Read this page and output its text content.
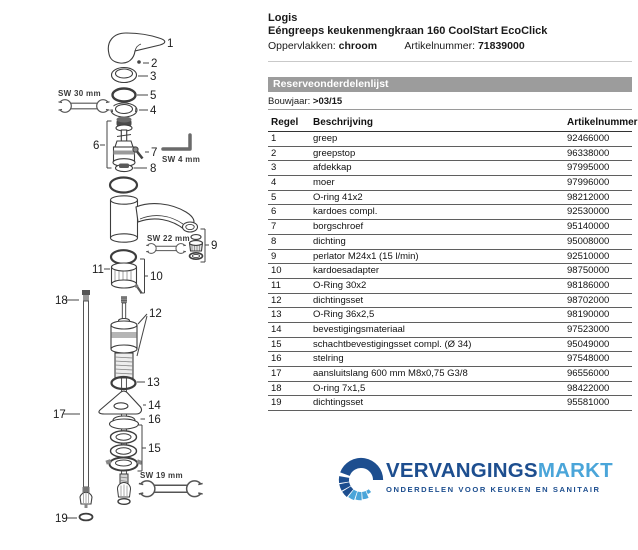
1
2
3
5
4
6
7
8
9
10
11
12
13
14
16
15
17
18
19
SW 30 mm
SW 4 mm
SW 22 mm
SW 19 mm
Logis
Eéngreeps keukenmengkraan 160 CoolStart EcoClick
Oppervlakken: chroom	Artikelnummer: 71839000
Reserveonderdelenlijst
Bouwjaar: >03/15
Regel	Beschrijving	Artikelnummer
1	greep	92466000
2	greepstop	96338000
3	afdekkap	97995000
4	moer	97996000
5	O-ring 41x2	98212000
6	kardoes compl.	92530000
7	borgschroef	95140000
8	dichting	95008000
9	perlator M24x1 (15 l/min)	92510000
10	kardoesadapter	98750000
11	O-Ring 30x2	98186000
12	dichtingsset	98702000
13	O-Ring 36x2,5	98190000
14	bevestigingsmateriaal	97523000
15	schachtbevestigingsset compl. (Ø 34)	95049000
16	stelring	97548000
17	aansluitslang 600 mm M8x0,75 G3/8	96556000
18	O-ring 7x1,5	98422000
19	dichtingsset	95581000
VERVANGINGSMARKT
ONDERDELEN VOOR KEUKEN EN SANITAIR
